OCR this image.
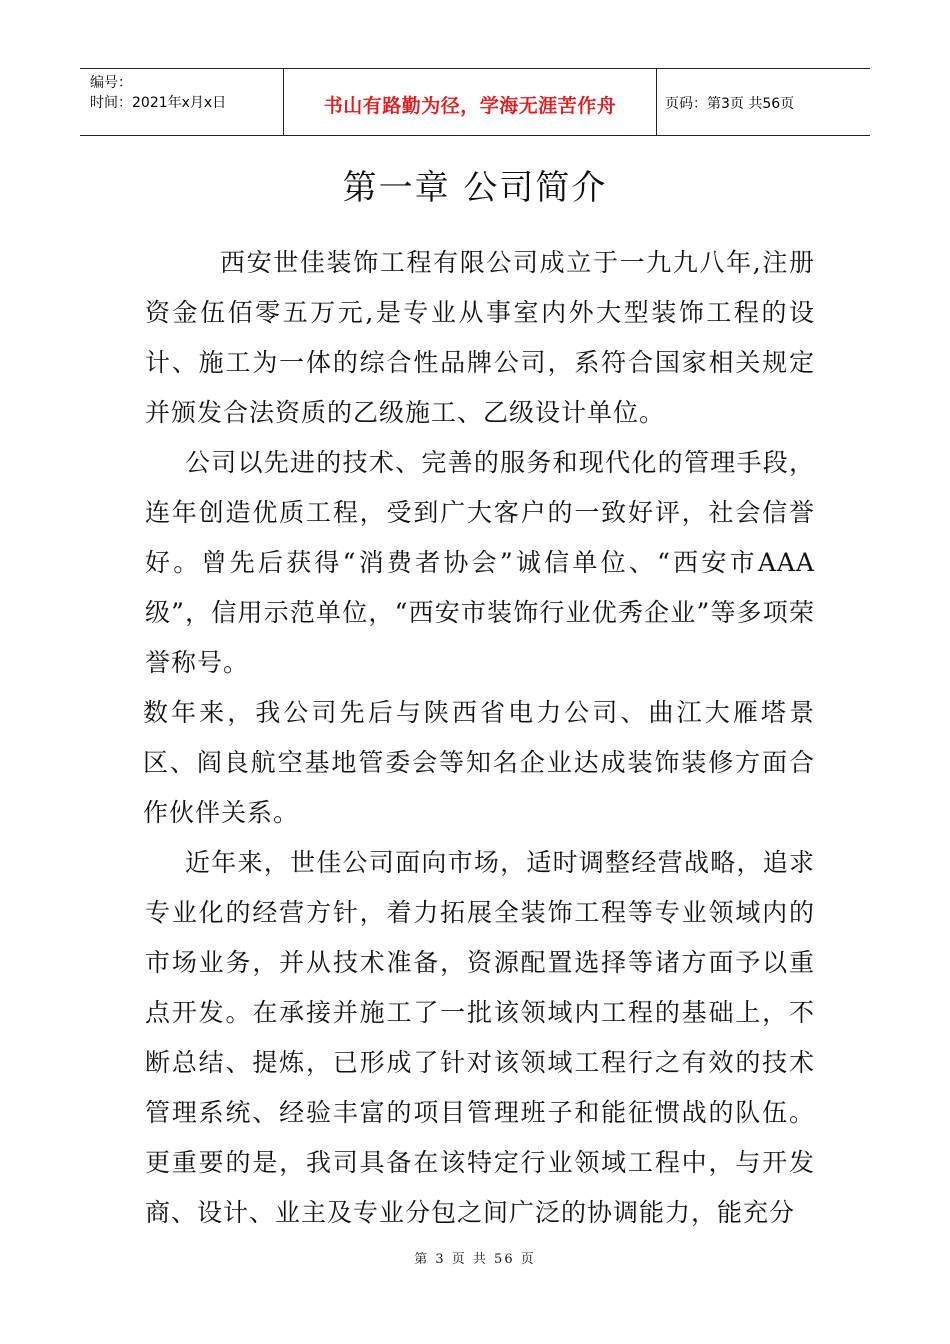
编号：
时间：2021年x月x日	书山有路勤为径，学海无涯苦作舟	页码：第3页 共56页
第一章 公司简介

西安世佳装饰工程有限公司成立于一九九八年,注册资金伍佰零五万元,是专业从事室内外大型装饰工程的设计、施工为一体的综合性品牌公司，系符合国家相关规定并颁发合法资质的乙级施工、乙级设计单位。

公司以先进的技术、完善的服务和现代化的管理手段，连年创造优质工程，受到广大客户的一致好评，社会信誉好。曾先后获得“消费者协会”诚信单位、“西安市AAA级”，信用示范单位，“西安市装饰行业优秀企业”等多项荣誉称号。

数年来，我公司先后与陕西省电力公司、曲江大雁塔景区、阎良航空基地管委会等知名企业达成装饰装修方面合作伙伴关系。

近年来，世佳公司面向市场，适时调整经营战略，追求专业化的经营方针，着力拓展全装饰工程等专业领域内的市场业务，并从技术准备，资源配置选择等诸方面予以重点开发。在承接并施工了一批该领域内工程的基础上，不断总结、提炼，已形成了针对该领域工程行之有效的技术管理系统、经验丰富的项目管理班子和能征惯战的队伍。更重要的是，我司具备在该特定行业领域工程中，与开发商、设计、业主及专业分包之间广泛的协调能力，能充分

第 3 页 共 56 页
